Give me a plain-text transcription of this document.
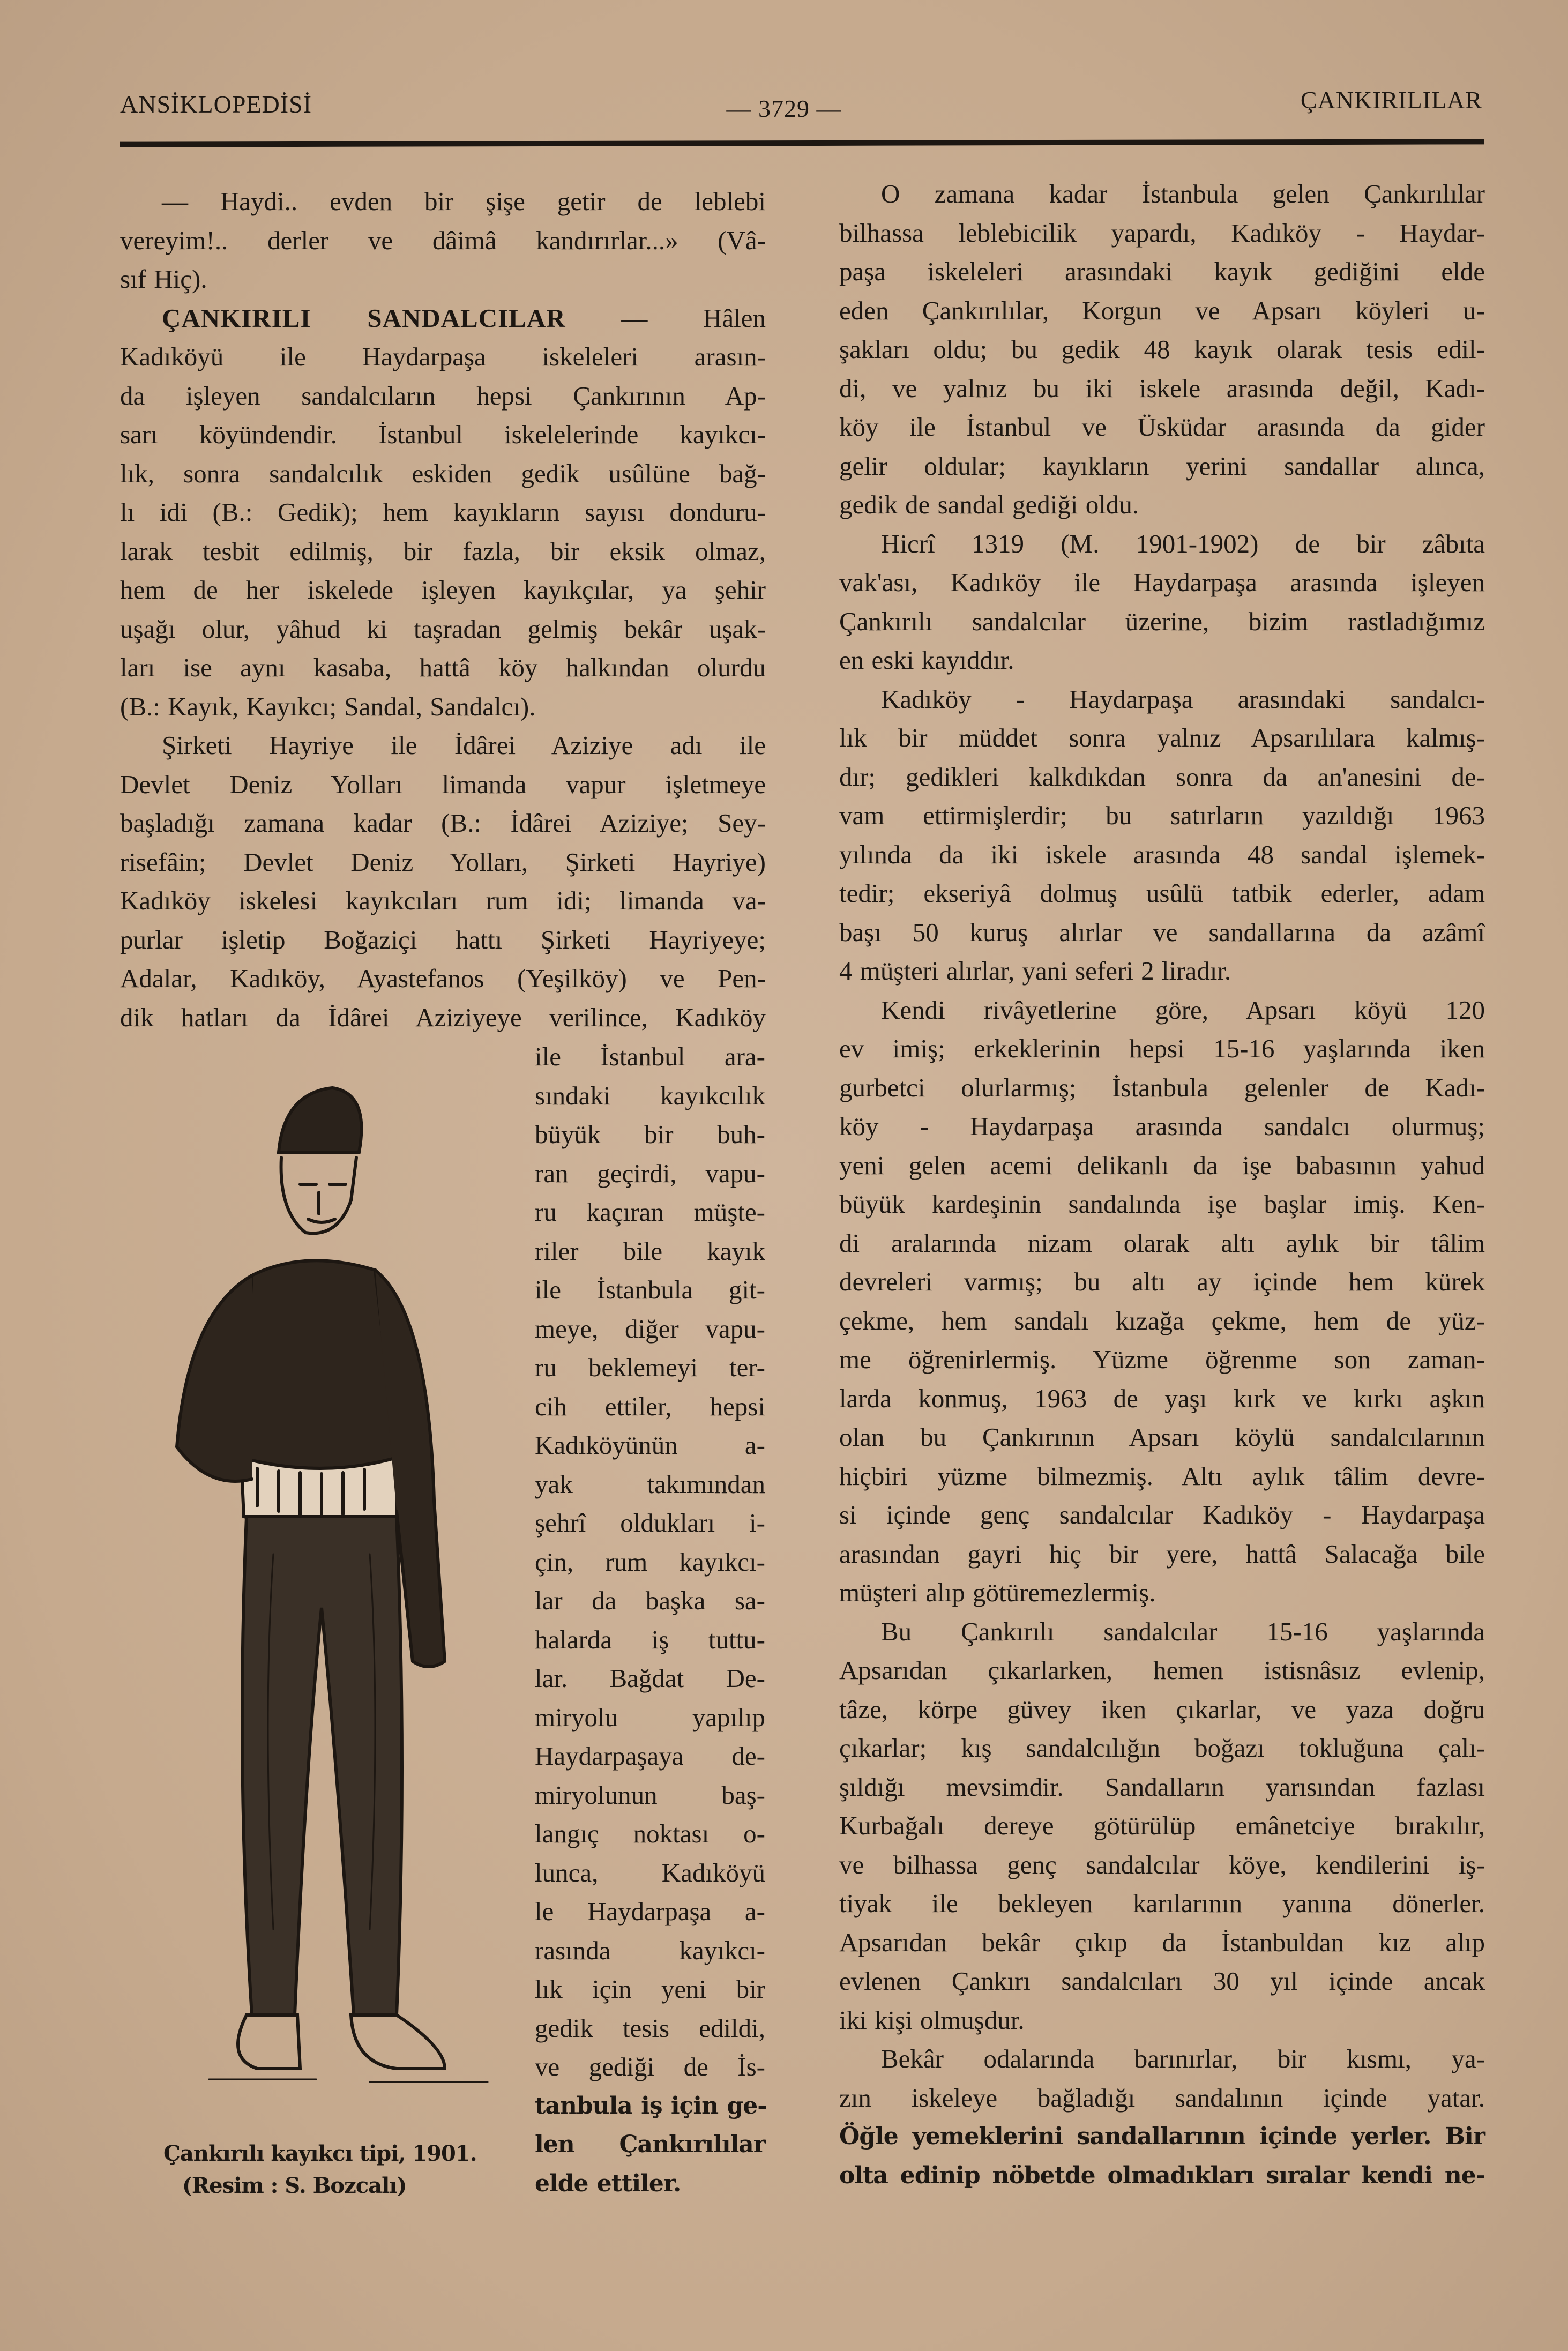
ANSİKLOPEDİSİ	— 3729 —	ÇANKIRILILAR
— Haydi.. evden bir şişe getir de leblebi
vereyim!.. derler ve dâimâ kandırırlar...» (Vâ-
sıf Hiç).
ÇANKIRILI SANDALCILAR — Hâlen
Kadıköyü ile Haydarpaşa iskeleleri arasın-
da işleyen sandalcıların hepsi Çankırının Ap-
sarı köyündendir. İstanbul iskelelerinde kayıkcı-
lık, sonra sandalcılık eskiden gedik usûlüne bağ-
lı idi (B.: Gedik); hem kayıkların sayısı donduru-
larak tesbit edilmiş, bir fazla, bir eksik olmaz,
hem de her iskelede işleyen kayıkçılar, ya şehir
uşağı olur, yâhud ki taşradan gelmiş bekâr uşak-
ları ise aynı kasaba, hattâ köy halkından olurdu
(B.: Kayık, Kayıkcı; Sandal, Sandalcı).
Şirketi Hayriye ile İdârei Aziziye adı ile
Devlet Deniz Yolları limanda vapur işletmeye
başladığı zamana kadar (B.: İdârei Aziziye; Sey-
risefâin; Devlet Deniz Yolları, Şirketi Hayriye)
Kadıköy iskelesi kayıkcıları rum idi; limanda va-
purlar işletip Boğaziçi hattı Şirketi Hayriyeye;
Adalar, Kadıköy, Ayastefanos (Yeşilköy) ve Pen-
dik hatları da İdârei Aziziyeye verilince, Kadıköy
ile İstanbul ara-
sındaki kayıkcılık
büyük bir buh-
ran geçirdi, vapu-
ru kaçıran müşte-
riler bile kayık
ile İstanbula git-
meye, diğer vapu-
ru beklemeyi ter-
cih ettiler, hepsi
Kadıköyünün a-
yak takımından
şehrî oldukları i-
çin, rum kayıkcı-
lar da başka sa-
halarda iş tuttu-
lar. Bağdat De-
miryolu yapılıp
Haydarpaşaya de-
miryolunun baş-
langıç noktası o-
lunca, Kadıköyü
le Haydarpaşa a-
rasında kayıkcı-
lık için yeni bir
gedik tesis edildi,
ve gediği de İs-
tanbula iş için ge-
len Çankırılılar
elde ettiler.
O zamana kadar İstanbula gelen Çankırılılar
bilhassa leblebicilik yapardı, Kadıköy - Haydar-
paşa iskeleleri arasındaki kayık gediğini elde
eden Çankırılılar, Korgun ve Apsarı köyleri u-
şakları oldu; bu gedik 48 kayık olarak tesis edil-
di, ve yalnız bu iki iskele arasında değil, Kadı-
köy ile İstanbul ve Üsküdar arasında da gider
gelir oldular; kayıkların yerini sandallar alınca,
gedik de sandal gediği oldu.
Hicrî 1319 (M. 1901-1902) de bir zâbıta
vak'ası, Kadıköy ile Haydarpaşa arasında işleyen
Çankırılı sandalcılar üzerine, bizim rastladığımız
en eski kayıddır.
Kadıköy - Haydarpaşa arasındaki sandalcı-
lık bir müddet sonra yalnız Apsarılılara kalmış-
dır; gedikleri kalkdıkdan sonra da an'anesini de-
vam ettirmişlerdir; bu satırların yazıldığı 1963
yılında da iki iskele arasında 48 sandal işlemek-
tedir; ekseriyâ dolmuş usûlü tatbik ederler, adam
başı 50 kuruş alırlar ve sandallarına da azâmî
4 müşteri alırlar, yani seferi 2 liradır.
Kendi rivâyetlerine göre, Apsarı köyü 120
ev imiş; erkeklerinin hepsi 15-16 yaşlarında iken
gurbetci olurlarmış; İstanbula gelenler de Kadı-
köy - Haydarpaşa arasında sandalcı olurmuş;
yeni gelen acemi delikanlı da işe babasının yahud
büyük kardeşinin sandalında işe başlar imiş. Ken-
di aralarında nizam olarak altı aylık bir tâlim
devreleri varmış; bu altı ay içinde hem kürek
çekme, hem sandalı kızağa çekme, hem de yüz-
me öğrenirlermiş. Yüzme öğrenme son zaman-
larda konmuş, 1963 de yaşı kırk ve kırkı aşkın
olan bu Çankırının Apsarı köylü sandalcılarının
hiçbiri yüzme bilmezmiş. Altı aylık tâlim devre-
si içinde genç sandalcılar Kadıköy - Haydarpaşa
arasından gayri hiç bir yere, hattâ Salacağa bile
müşteri alıp götüremezlermiş.
Bu Çankırılı sandalcılar 15-16 yaşlarında
Apsarıdan çıkarlarken, hemen istisnâsız evlenip,
tâze, körpe güvey iken çıkarlar, ve yaza doğru
çıkarlar; kış sandalcılığın boğazı tokluğuna çalı-
şıldığı mevsimdir. Sandalların yarısından fazlası
Kurbağalı dereye götürülüp emânetciye bırakılır,
ve bilhassa genç sandalcılar köye, kendilerini iş-
tiyak ile bekleyen karılarının yanına dönerler.
Apsarıdan bekâr çıkıp da İstanbuldan kız alıp
evlenen Çankırı sandalcıları 30 yıl içinde ancak
iki kişi olmuşdur.
Bekâr odalarında barınırlar, bir kısmı, ya-
zın iskeleye bağladığı sandalının içinde yatar.
Öğle yemeklerini sandallarının içinde yerler. Bir
olta edinip nöbetde olmadıkları sıralar kendi ne-
Çankırılı kayıkcı tipi, 1901.
(Resim : S. Bozcalı)
